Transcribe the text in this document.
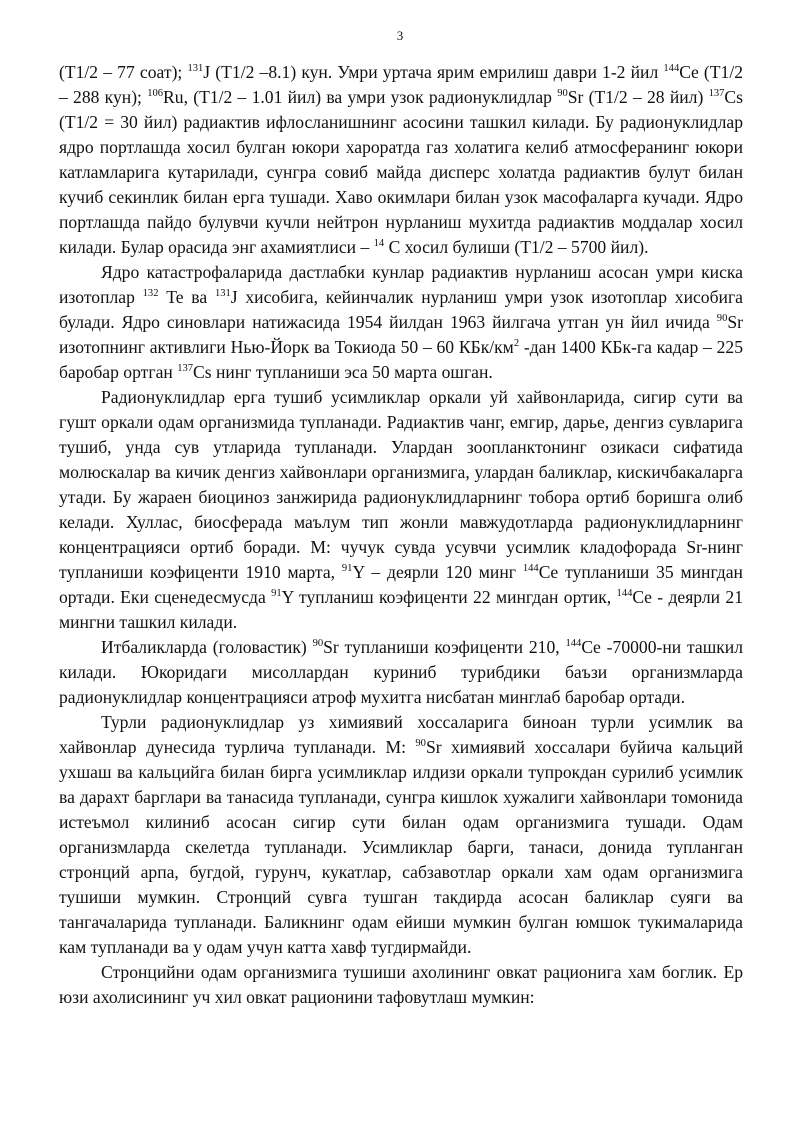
3

(T1/2 – 77 соат); $^{131}$J (T1/2 –8.1) кун. Умри уртача ярим емрилиш даври 1-2 йил $^{144}$Ce (T1/2 – 288 кун); $^{106}$Ru, (T1/2 – 1.01 йил) ва умри узок радионуклидлар $^{90}$Sr (T1/2 – 28 йил) $^{137}$Cs (T1/2 = 30 йил) радиактив ифлосланишнинг асосини ташкил килади. Бу радионуклидлар ядро портлашда хосил булган юкори хароратда газ холатига келиб атмосферанинг юкори катламларига кутарилади, сунгра совиб майда дисперс холатда радиактив булут билан кучиб секинлик билан ерга тушади. Хаво окимлари билан узок масофаларга кучади. Ядро портлашда пайдо булувчи кучли нейтрон нурланиш мухитда радиактив моддалар хосил килади. Булар орасида энг ахамиятлиси – $^{14}$ С хосил булиши (T1/2 – 5700 йил).

Ядро катастрофаларида дастлабки кунлар радиактив нурланиш асосан умри киска изотоплар $^{132}$ Te ва $^{131}$J хисобига, кейинчалик нурланиш умри узок изотоплар хисобига булади. Ядро синовлари натижасида 1954 йилдан 1963 йилгача утган ун йил ичида $^{90}$Sr изотопнинг активлиги Нью-Йорк ва Токиода 50 – 60 КБк/$км^2$ -дан 1400 КБк-га кадар – 225 баробар ортган $^{137}$Cs нинг тупланиши эса 50 марта ошган.

Радионуклидлар ерга тушиб усимликлар оркали уй хайвонларида, сигир сути ва гушт оркали одам организмида тупланади. Радиактив чанг, емгир, дарье, денгиз сувларига тушиб, унда сув утларида тупланади. Улардан зоопланктонинг озикаси сифатида молюскалар ва кичик денгиз хайвонлари организмига, улардан баликлар, кискичбакаларга утади. Бу жараен биоциноз занжирида радионуклидларнинг тобора ортиб боришга олиб келади. Хуллас, биосферада маълум тип жонли мавжудотларда радионуклидларнинг концентрацияси ортиб боради. М: чучук сувда усувчи усимлик кладофорада Sr-нинг тупланиши коэфиценти 1910 марта, $^{91}$Y – деярли 120 минг $^{144}$Ce тупланиши 35 мингдан ортади. Еки сценедесмусда $^{91}$Y тупланиш коэфиценти 22 мингдан ортик, $^{144}$Ce - деярли 21 мингни ташкил килади.

Итбаликларда (головастик) $^{90}$Sr тупланиши коэфиценти 210, $^{144}$Ce -70000-ни ташкил килади. Юкоридаги мисоллардан куриниб турибдики баъзи организмларда радионуклидлар концентрацияси атроф мухитга нисбатан минглаб баробар ортади.

Турли радионуклидлар уз химиявий хоссаларига биноан турли усимлик ва хайвонлар дунесида турлича тупланади. М: $^{90}$Sr химиявий хоссалари буйича кальций ухшаш ва кальцийга билан бирга усимликлар илдизи оркали тупрокдан сурилиб усимлик ва дарахт барглари ва танасида тупланади, сунгра кишлок хужалиги хайвонлари томонида истеъмол килиниб асосан сигир сути билан одам организмига тушади. Одам организмларда скелетда тупланади. Усимликлар барги, танаси, донида тупланган стронций арпа, бугдой, гурунч, кукатлар, сабзавотлар оркали хам одам организмига тушиши мумкин. Стронций сувга тушган такдирда асосан баликлар суяги ва тангачаларида тупланади. Баликнинг одам ейиши мумкин булган юмшок тукималарида кам тупланади ва у одам учун катта хавф тугдирмайди.

Стронцийни одам организмига тушиши ахолининг овкат рационига хам боглик. Ер юзи ахолисининг уч хил овкат рационини тафовутлаш мумкин:
